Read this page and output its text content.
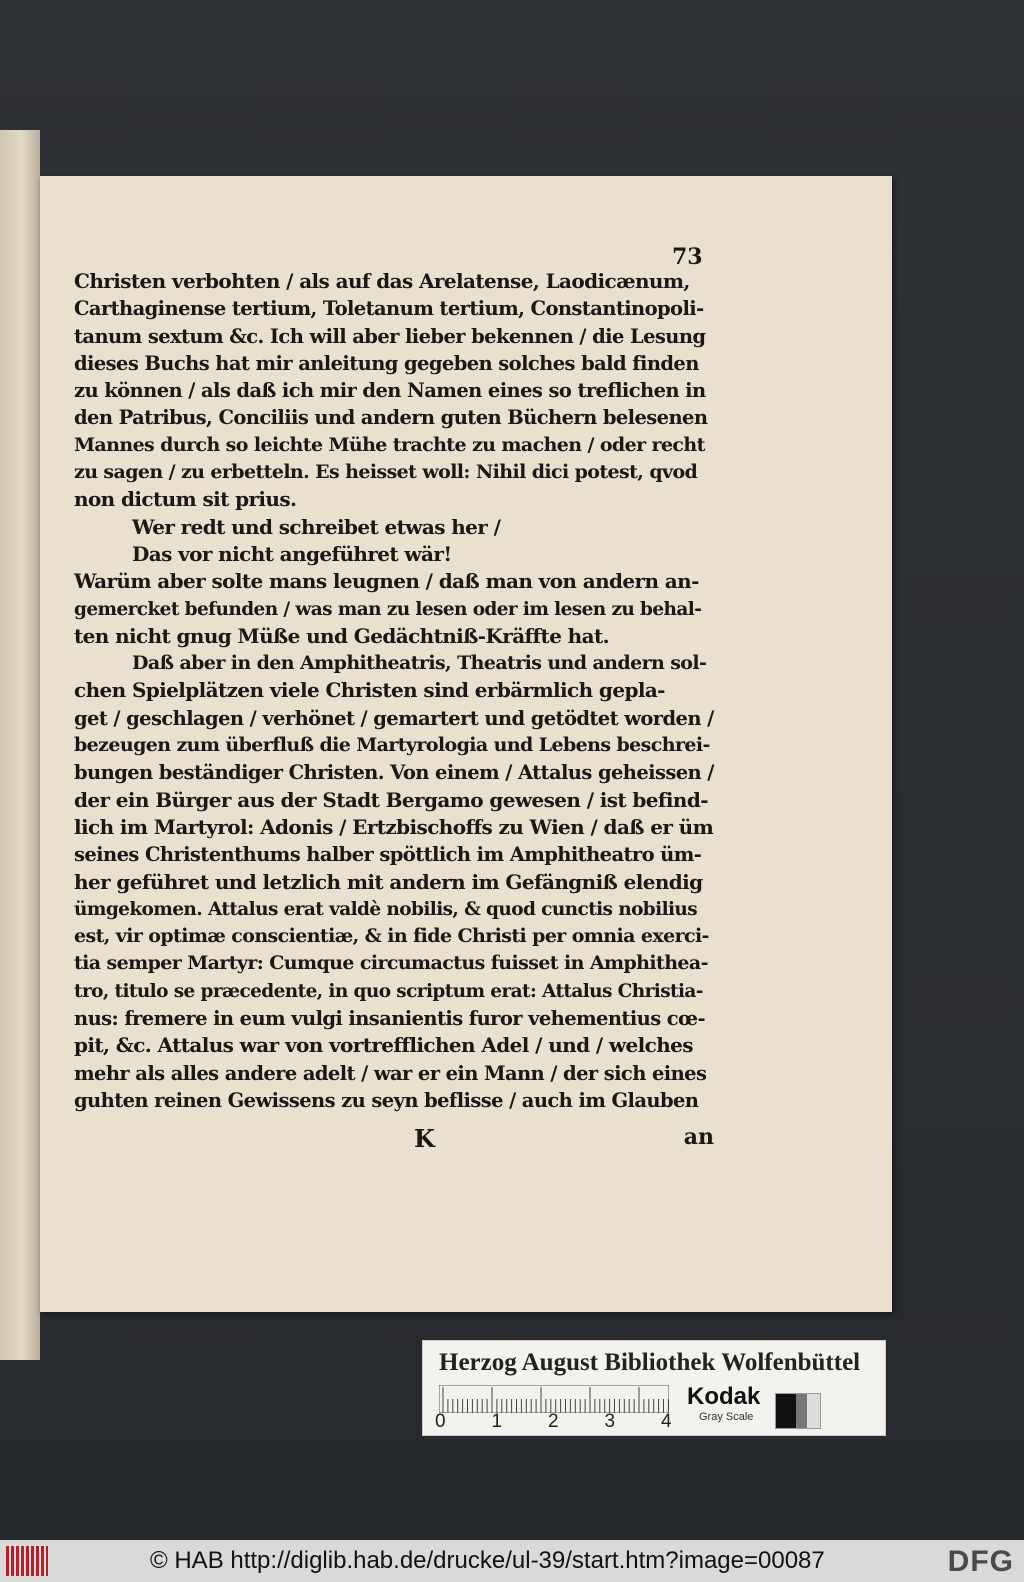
73
Christen verbohten / als auf das Arelatense, Laodicænum,
Carthaginense tertium, Toletanum tertium, Constantinopoli-
tanum sextum &c. Ich will aber lieber bekennen / die Lesung
dieses Buchs hat mir anleitung gegeben solches bald finden
zu können / als daß ich mir den Namen eines so treflichen in
den Patribus, Conciliis und andern guten Büchern belesenen
Mannes durch so leichte Mühe trachte zu machen / oder recht
zu sagen / zu erbetteln. Es heisset woll: Nihil dici potest, qvod
non dictum sit prius.
Wer redt und schreibet etwas her /
Das vor nicht angeführet wär!
Warüm aber solte mans leugnen / daß man von andern an-
gemercket befunden / was man zu lesen oder im lesen zu behal-
ten nicht gnug Müße und Gedächtniß-Kräffte hat.
Daß aber in den Amphitheatris, Theatris und andern sol-
chen Spielplätzen viele Christen sind erbärmlich gepla-
get / geschlagen / verhönet / gemartert und getödtet worden /
bezeugen zum überfluß die Martyrologia und Lebens beschrei-
bungen beständiger Christen. Von einem / Attalus geheissen /
der ein Bürger aus der Stadt Bergamo gewesen / ist befind-
lich im Martyrol: Adonis / Ertzbischoffs zu Wien / daß er üm
seines Christenthums halber spöttlich im Amphitheatro üm-
her geführet und letzlich mit andern im Gefängniß elendig
ümgekomen. Attalus erat valdè nobilis, & quod cunctis nobilius
est, vir optimæ conscientiæ, & in fide Christi per omnia exerci-
tia semper Martyr: Cumque circumactus fuisset in Amphithea-
tro, titulo se præcedente, in quo scriptum erat: Attalus Christia-
nus: fremere in eum vulgi insanientis furor vehementius cœ-
pit, &c. Attalus war von vortrefflichen Adel / und / welches
mehr als alles andere adelt / war er ein Mann / der sich eines
guhten reinen Gewissens zu seyn beflisse / auch im Glauben
K	an
Herzog August Bibliothek Wolfenbüttel
0 1 2 3 4
Kodak
Gray Scale
© HAB http://diglib.hab.de/drucke/ul-39/start.htm?image=00087	DFG
